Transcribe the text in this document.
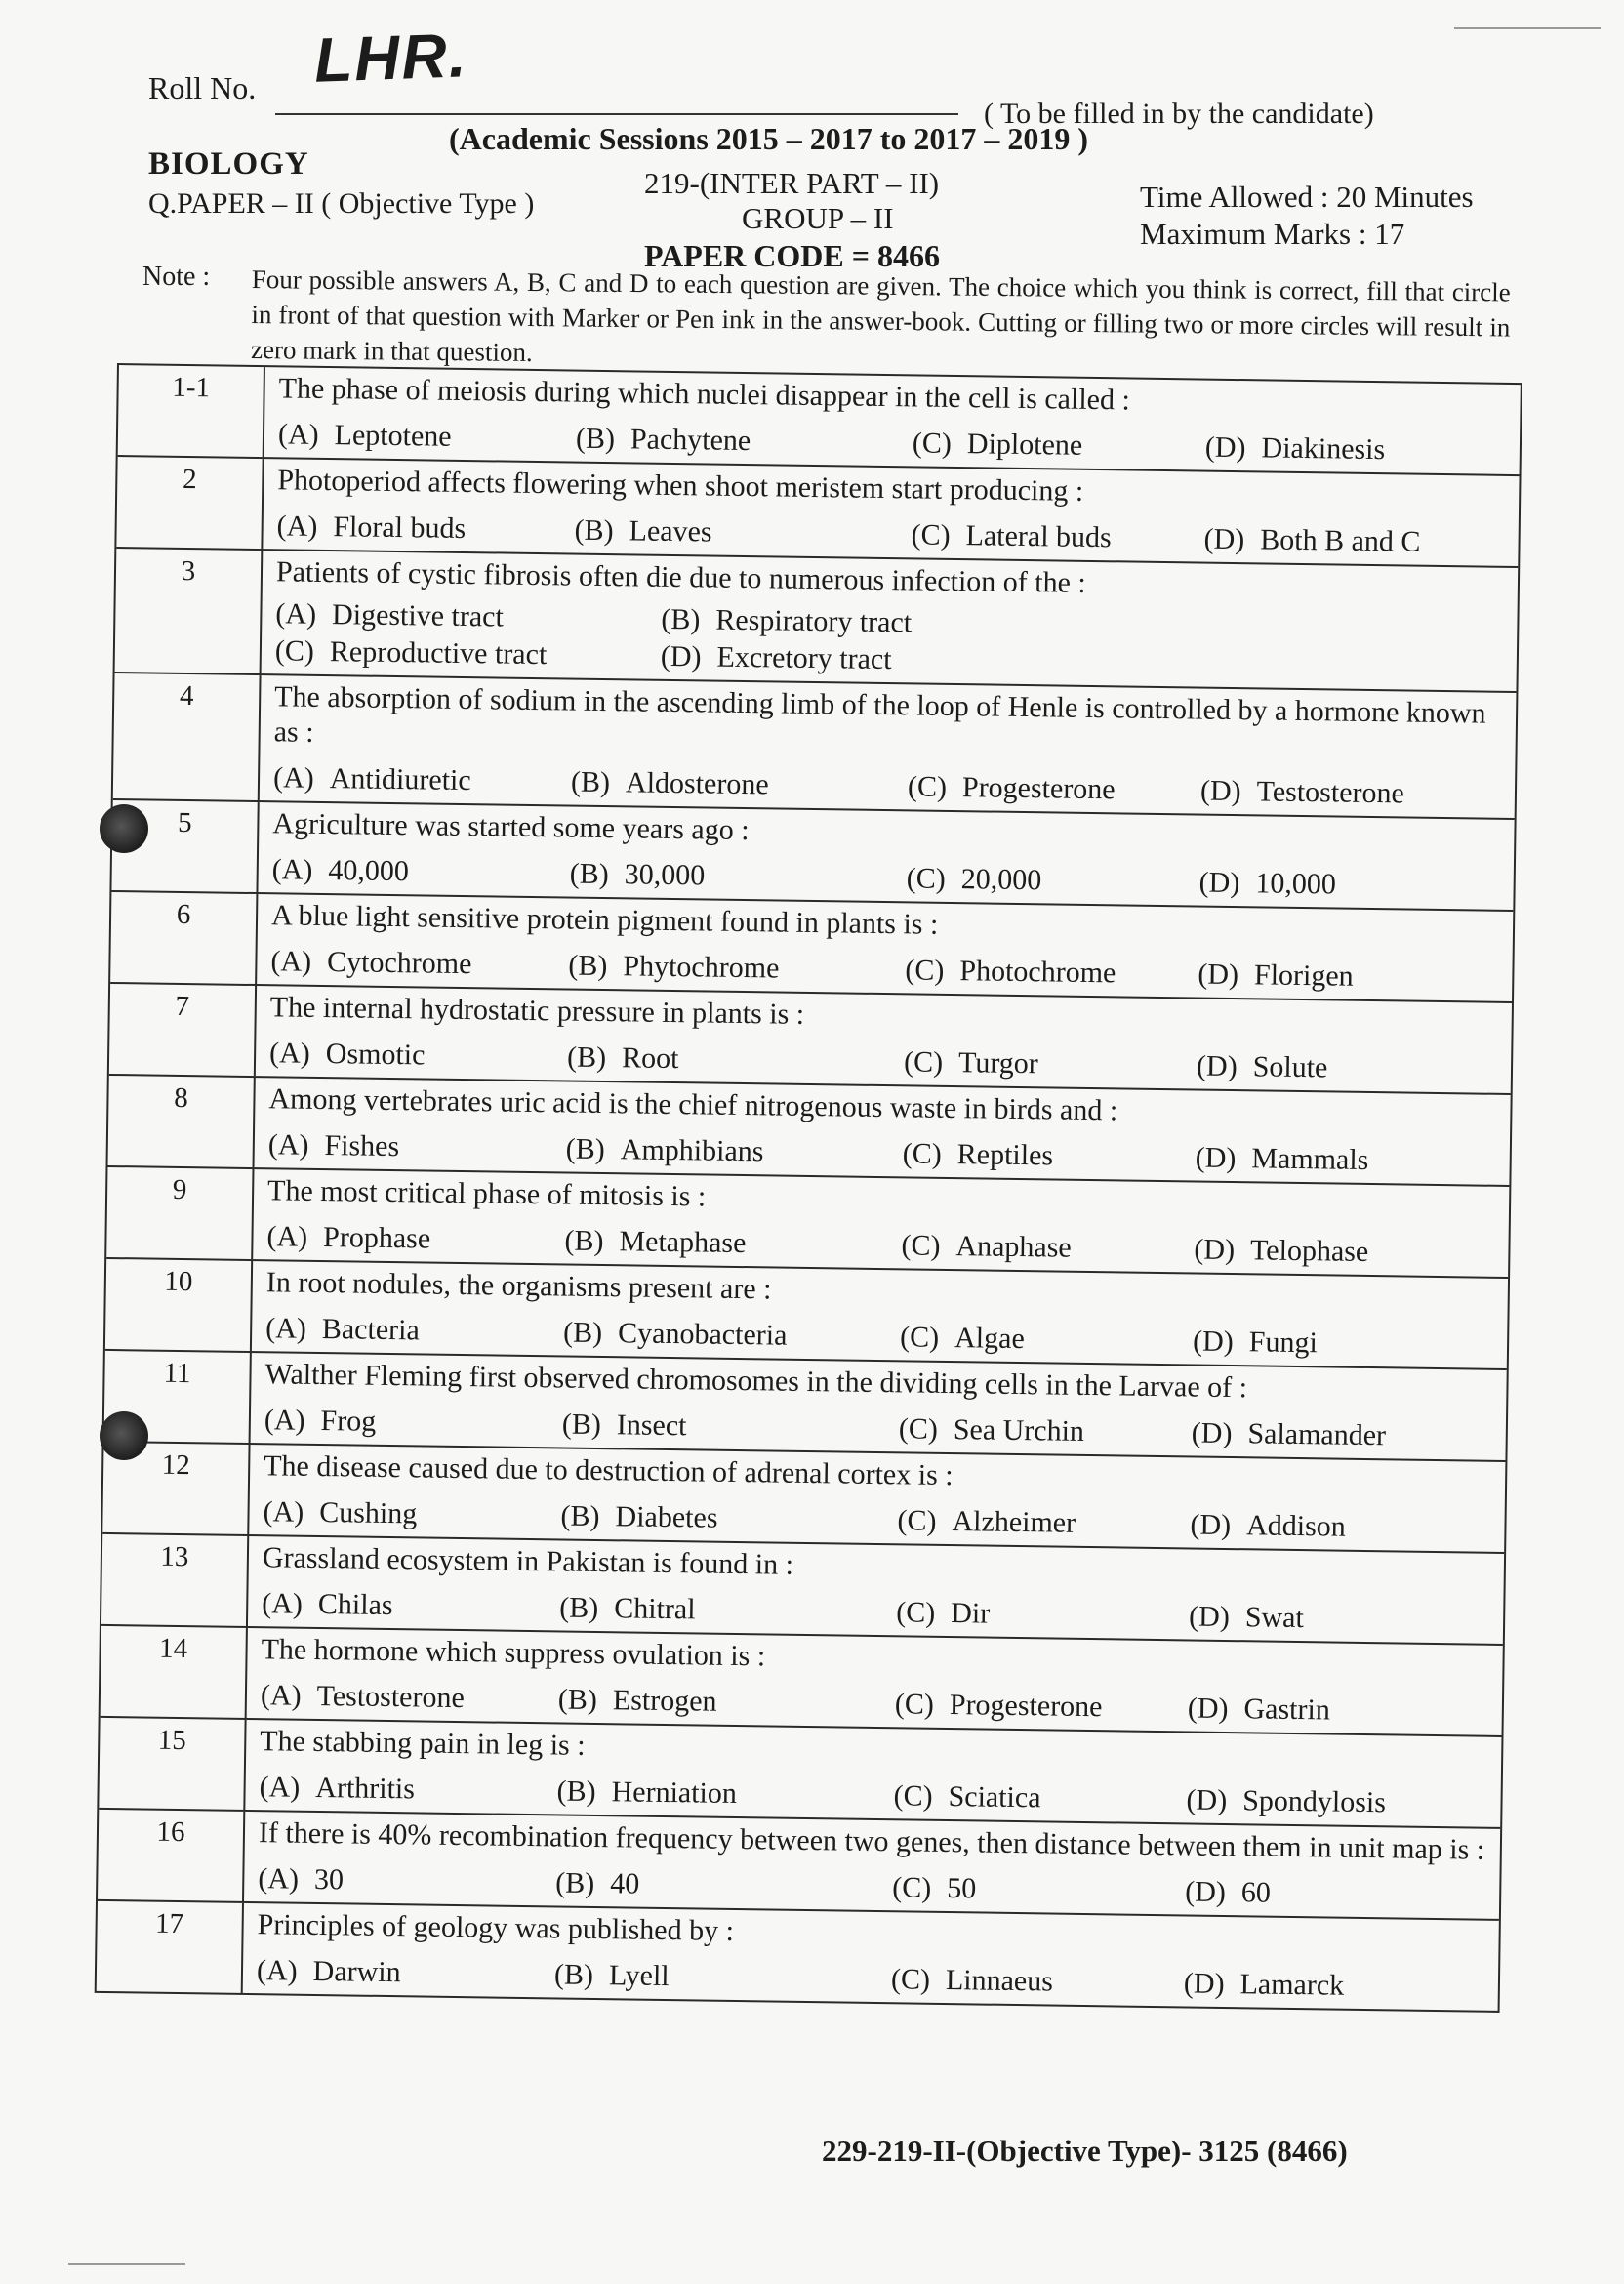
Roll No. LHR.
( To be filled in by the candidate)
(Academic Sessions 2015 – 2017 to 2017 – 2019 )
BIOLOGY
Q.PAPER – II ( Objective Type )
219-(INTER PART – II)
GROUP – II
PAPER CODE = 8466
Time Allowed : 20 Minutes
Maximum Marks : 17
Note : Four possible answers A, B, C and D to each question are given. The choice which you think is correct, fill that circle in front of that question with Marker or Pen ink in the answer-book. Cutting or filling two or more circles will result in zero mark in that question.
1-1	The phase of meiosis during which nuclei disappear in the cell is called :
(A) Leptotene	(B) Pachytene	(C) Diplotene	(D) Diakinesis
2	Photoperiod affects flowering when shoot meristem start producing :
(A) Floral buds	(B) Leaves	(C) Lateral buds	(D) Both B and C
3	Patients of cystic fibrosis often die due to numerous infection of the :
(A) Digestive tract	(B) Respiratory tract
(C) Reproductive tract	(D) Excretory tract
4	The absorption of sodium in the ascending limb of the loop of Henle is controlled by a hormone known as :
(A) Antidiuretic	(B) Aldosterone	(C) Progesterone	(D) Testosterone
5	Agriculture was started some years ago :
(A) 40,000	(B) 30,000	(C) 20,000	(D) 10,000
6	A blue light sensitive protein pigment found in plants is :
(A) Cytochrome	(B) Phytochrome	(C) Photochrome	(D) Florigen
7	The internal hydrostatic pressure in plants is :
(A) Osmotic	(B) Root	(C) Turgor	(D) Solute
8	Among vertebrates uric acid is the chief nitrogenous waste in birds and :
(A) Fishes	(B) Amphibians	(C) Reptiles	(D) Mammals
9	The most critical phase of mitosis is :
(A) Prophase	(B) Metaphase	(C) Anaphase	(D) Telophase
10	In root nodules, the organisms present are :
(A) Bacteria	(B) Cyanobacteria	(C) Algae	(D) Fungi
11	Walther Fleming first observed chromosomes in the dividing cells in the Larvae of :
(A) Frog	(B) Insect	(C) Sea Urchin	(D) Salamander
12	The disease caused due to destruction of adrenal cortex is :
(A) Cushing	(B) Diabetes	(C) Alzheimer	(D) Addison
13	Grassland ecosystem in Pakistan is found in :
(A) Chilas	(B) Chitral	(C) Dir	(D) Swat
14	The hormone which suppress ovulation is :
(A) Testosterone	(B) Estrogen	(C) Progesterone	(D) Gastrin
15	The stabbing pain in leg is :
(A) Arthritis	(B) Herniation	(C) Sciatica	(D) Spondylosis
16	If there is 40% recombination frequency between two genes, then distance between them in unit map is :
(A) 30	(B) 40	(C) 50	(D) 60
17	Principles of geology was published by :
(A) Darwin	(B) Lyell	(C) Linnaeus	(D) Lamarck
229-219-II-(Objective Type)- 3125 (8466)
